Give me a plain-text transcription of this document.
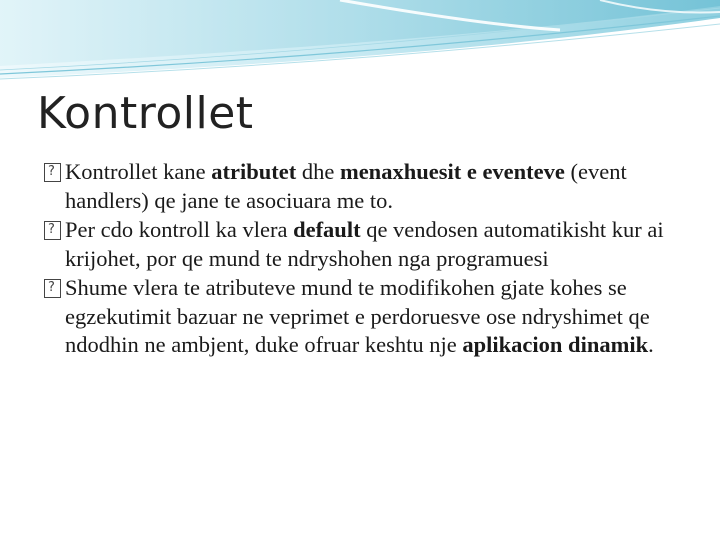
Kontrollet

?
Kontrollet kane atributet dhe menaxhuesit e eventeve (event handlers) qe jane te asociuara me to.

?
Per cdo kontroll ka vlera default qe vendosen automatikisht kur ai krijohet, por qe mund te ndryshohen nga programuesi

?
Shume vlera te atributeve mund te modifikohen gjate kohes se egzekutimit bazuar ne veprimet e perdoruesve ose ndryshimet qe ndodhin ne ambjent, duke ofruar keshtu nje aplikacion dinamik.
